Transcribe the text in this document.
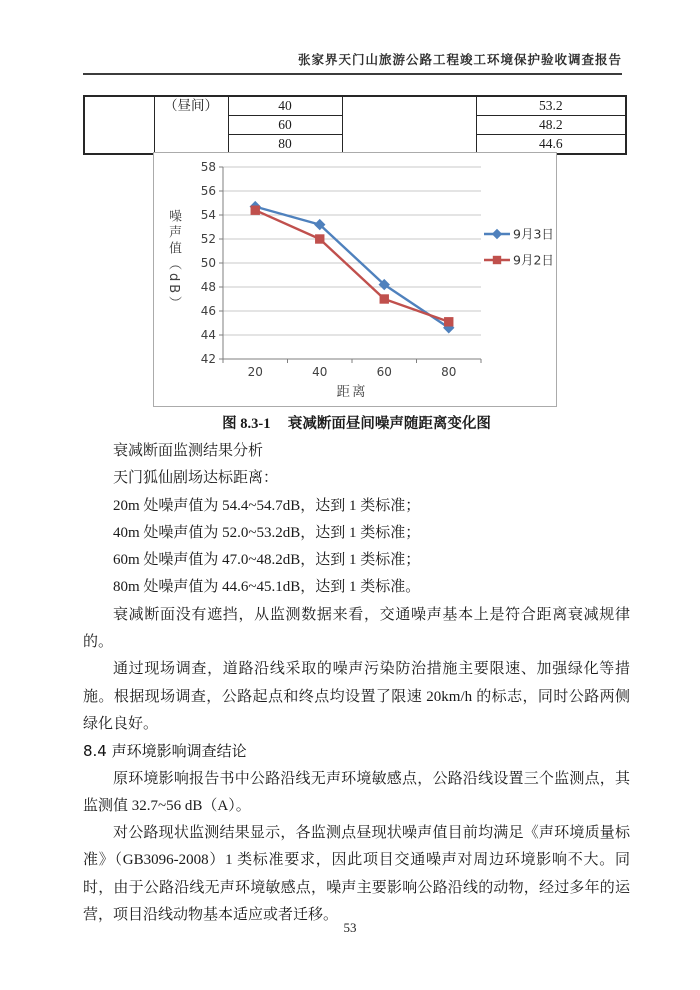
张家界天门山旅游公路工程竣工环境保护验收调查报告
	（昼间）	40		53.2
		60		48.2
		80		44.6
42
44
46
48
50
52
54
56
58
20	40	60	80
9月3日
9月2日
噪声值（dB）
距离
图 8.3-1 衰减断面昼间噪声随距离变化图

衰减断面监测结果分析

天门狐仙剧场达标距离：

20m 处噪声值为 54.4~54.7dB，达到 1 类标准；

40m 处噪声值为 52.0~53.2dB，达到 1 类标准；

60m 处噪声值为 47.0~48.2dB，达到 1 类标准；

80m 处噪声值为 44.6~45.1dB，达到 1 类标准。

衰减断面没有遮挡，从监测数据来看，交通噪声基本上是符合距离衰减规律的。

通过现场调查，道路沿线采取的噪声污染防治措施主要限速、加强绿化等措施。根据现场调查，公路起点和终点均设置了限速 20km/h 的标志，同时公路两侧绿化良好。

8.4 声环境影响调查结论

原环境影响报告书中公路沿线无声环境敏感点，公路沿线设置三个监测点，其监测值 32.7~56 dB（A）。

对公路现状监测结果显示，各监测点昼现状噪声值目前均满足《声环境质量标准》（GB3096-2008）1 类标准要求，因此项目交通噪声对周边环境影响不大。同时，由于公路沿线无声环境敏感点，噪声主要影响公路沿线的动物，经过多年的运营，项目沿线动物基本适应或者迁移。

53
